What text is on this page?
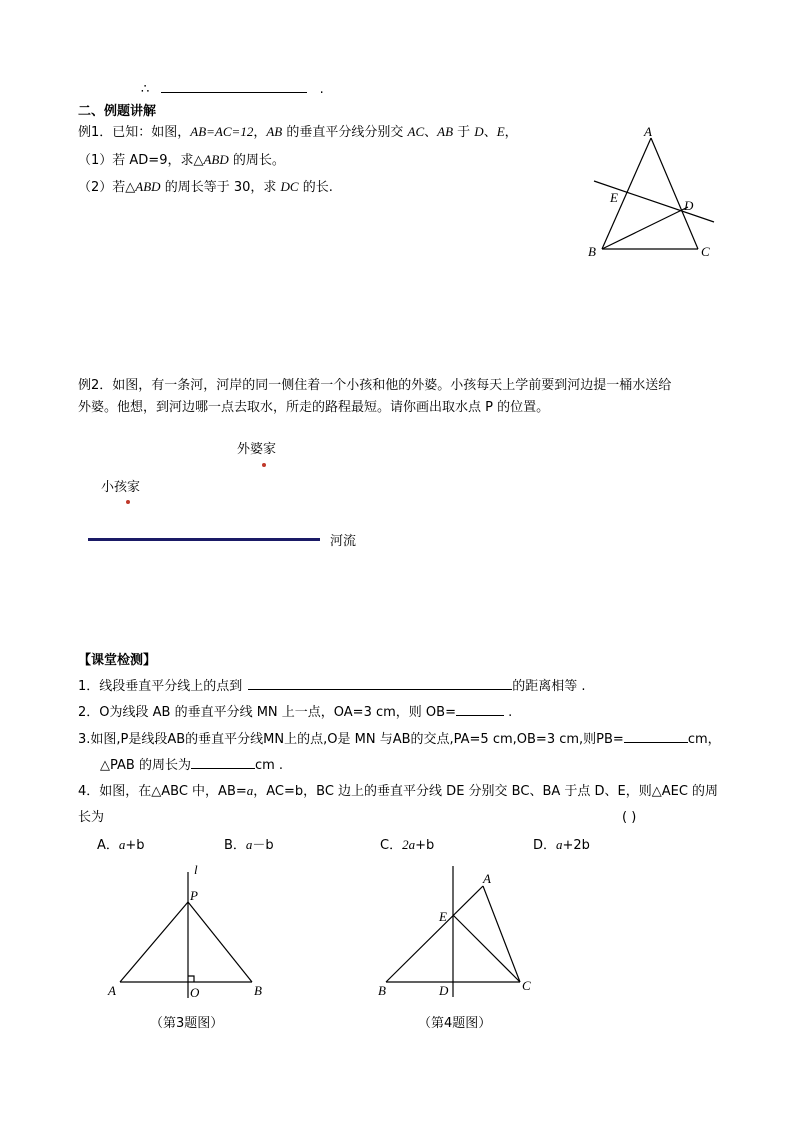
∴	.
二、例题讲解
例1．已知：如图，AB=AC=12，AB 的垂直平分线分别交 AC、AB 于 D、E，
（1）若 AD=9，求△ABD 的周长。
（2）若△ABD 的周长等于 30，求 DC 的长.
A
B	C
D
E
例2．如图，有一条河，河岸的同一侧住着一个小孩和他的外婆。小孩每天上学前要到河边提一桶水送给
外婆。他想，到河边哪一点去取水，所走的路程最短。请你画出取水点 P 的位置。
外婆家
小孩家
河流
【课堂检测】
1．线段垂直平分线上的点到	的距离相等 .
2．O为线段 AB 的垂直平分线 MN 上一点，OA=3 cm，则 OB=	.
3.如图,P是线段AB的垂直平分线MN上的点,O是 MN 与AB的交点,PA=5 cm,OB=3 cm,则PB=	cm，
△PAB 的周长为	cm .
4．如图，在△ABC 中，AB=a，AC=b，BC 边上的垂直平分线 DE 分别交 BC、BA 于点 D、E，则△AEC 的周
长为	( )
A．a+b	B．a－b	C．2a+b	D．a+2b
l
P
A	O	B
（第3题图）
A
E
B	D	C
（第4题图）
